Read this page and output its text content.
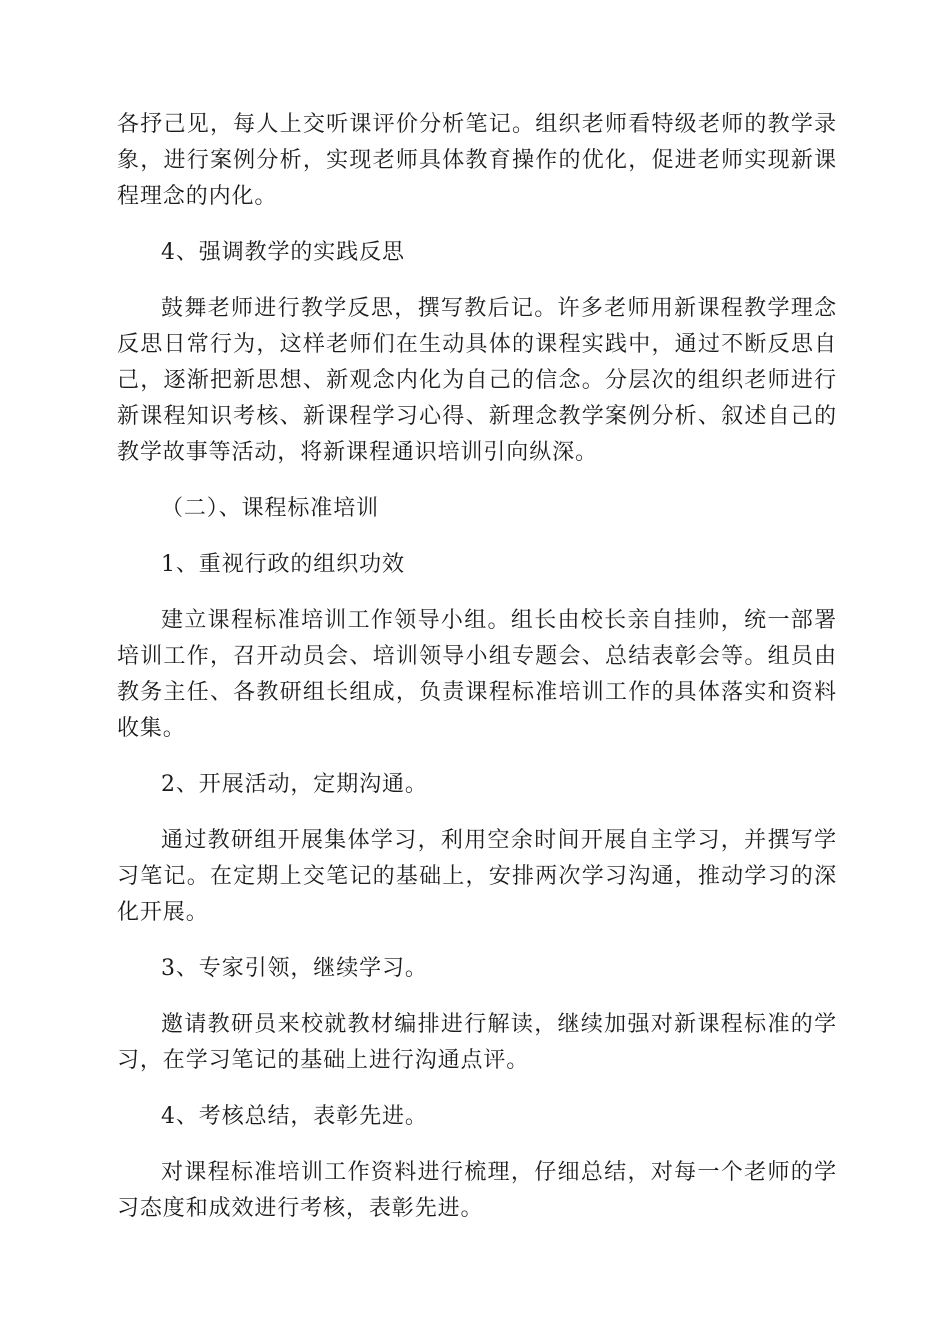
各抒己见，每人上交听课评价分析笔记。组织老师看特级老师的教学录象，进行案例分析，实现老师具体教育操作的优化，促进老师实现新课程理念的内化。

4、强调教学的实践反思

鼓舞老师进行教学反思，撰写教后记。许多老师用新课程教学理念反思日常行为，这样老师们在生动具体的课程实践中，通过不断反思自己，逐渐把新思想、新观念内化为自己的信念。分层次的组织老师进行新课程知识考核、新课程学习心得、新理念教学案例分析、叙述自己的教学故事等活动，将新课程通识培训引向纵深。

（二）、课程标准培训

1、重视行政的组织功效

建立课程标准培训工作领导小组。组长由校长亲自挂帅，统一部署培训工作，召开动员会、培训领导小组专题会、总结表彰会等。组员由教务主任、各教研组长组成，负责课程标准培训工作的具体落实和资料收集。

2、开展活动，定期沟通。

通过教研组开展集体学习，利用空余时间开展自主学习，并撰写学习笔记。在定期上交笔记的基础上，安排两次学习沟通，推动学习的深化开展。

3、专家引领，继续学习。

邀请教研员来校就教材编排进行解读，继续加强对新课程标准的学习，在学习笔记的基础上进行沟通点评。

4、考核总结，表彰先进。

对课程标准培训工作资料进行梳理，仔细总结，对每一个老师的学习态度和成效进行考核，表彰先进。
